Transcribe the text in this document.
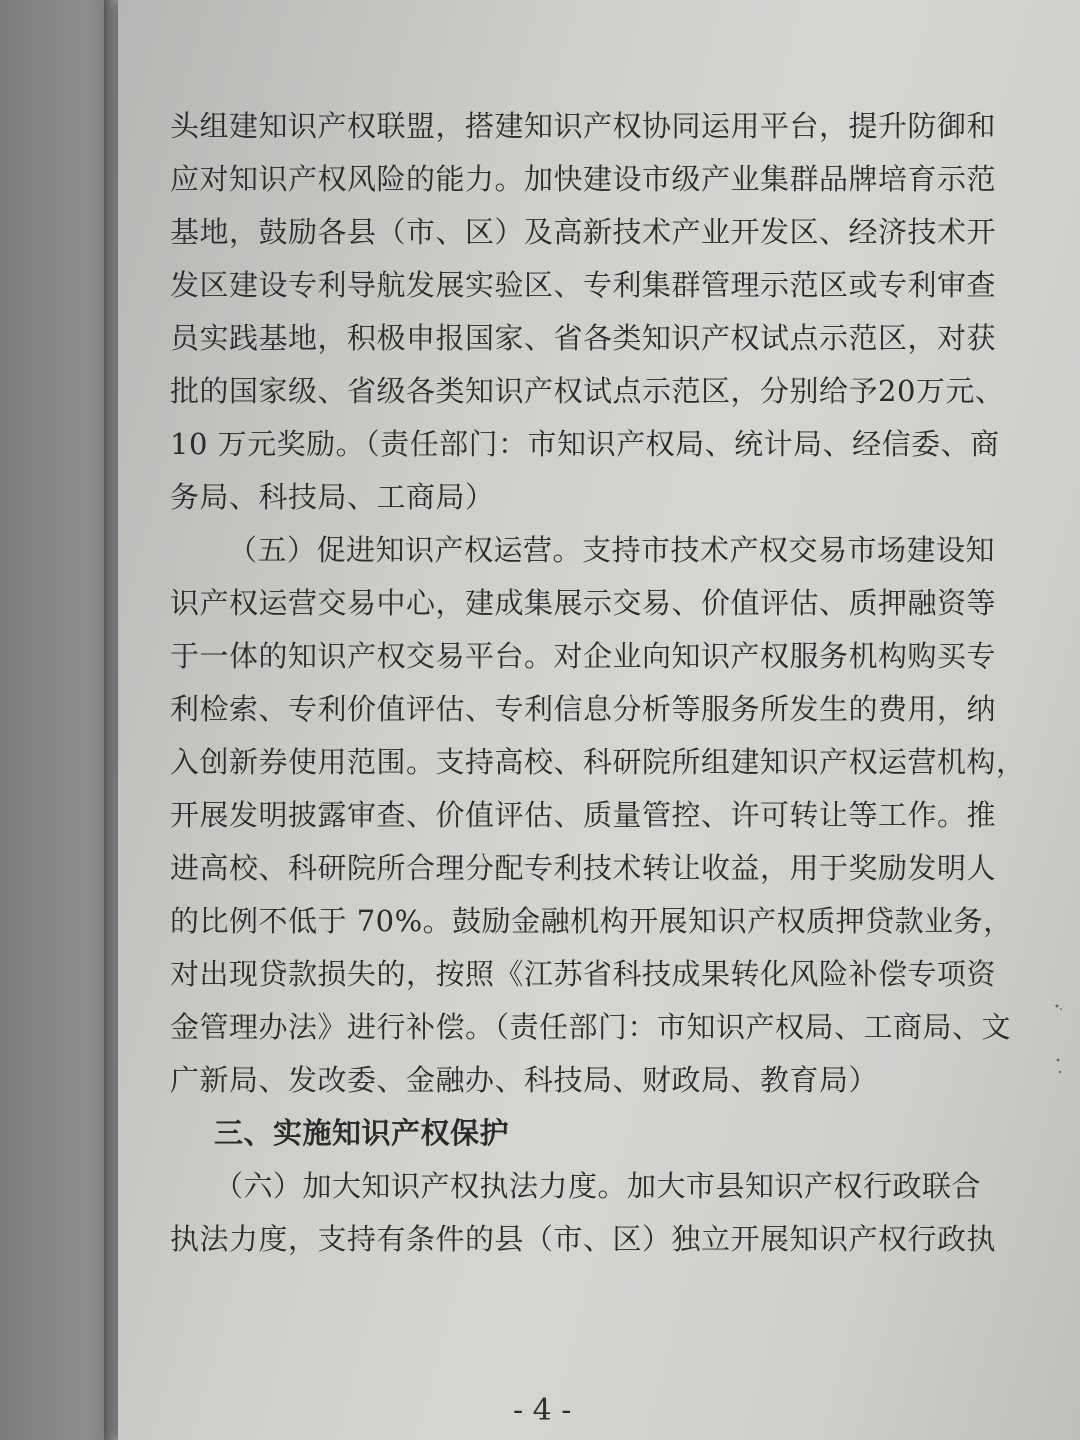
头组建知识产权联盟，搭建知识产权协同运用平台，提升防御和
应对知识产权风险的能力。加快建设市级产业集群品牌培育示范
基地，鼓励各县（市、区）及高新技术产业开发区、经济技术开
发区建设专利导航发展实验区、专利集群管理示范区或专利审查
员实践基地，积极申报国家、省各类知识产权试点示范区，对获
批的国家级、省级各类知识产权试点示范区，分别给予20万元、
10 万元奖励。（责任部门：市知识产权局、统计局、经信委、商
务局、科技局、工商局）
（五）促进知识产权运营。支持市技术产权交易市场建设知
识产权运营交易中心，建成集展示交易、价值评估、质押融资等
于一体的知识产权交易平台。对企业向知识产权服务机构购买专
利检索、专利价值评估、专利信息分析等服务所发生的费用，纳
入创新券使用范围。支持高校、科研院所组建知识产权运营机构，
开展发明披露审查、价值评估、质量管控、许可转让等工作。推
进高校、科研院所合理分配专利技术转让收益，用于奖励发明人
的比例不低于 70%。鼓励金融机构开展知识产权质押贷款业务，
对出现贷款损失的，按照《江苏省科技成果转化风险补偿专项资
金管理办法》进行补偿。（责任部门：市知识产权局、工商局、文
广新局、发改委、金融办、科技局、财政局、教育局）
三、实施知识产权保护
（六）加大知识产权执法力度。加大市县知识产权行政联合
执法力度，支持有条件的县（市、区）独立开展知识产权行政执
- 4 -
